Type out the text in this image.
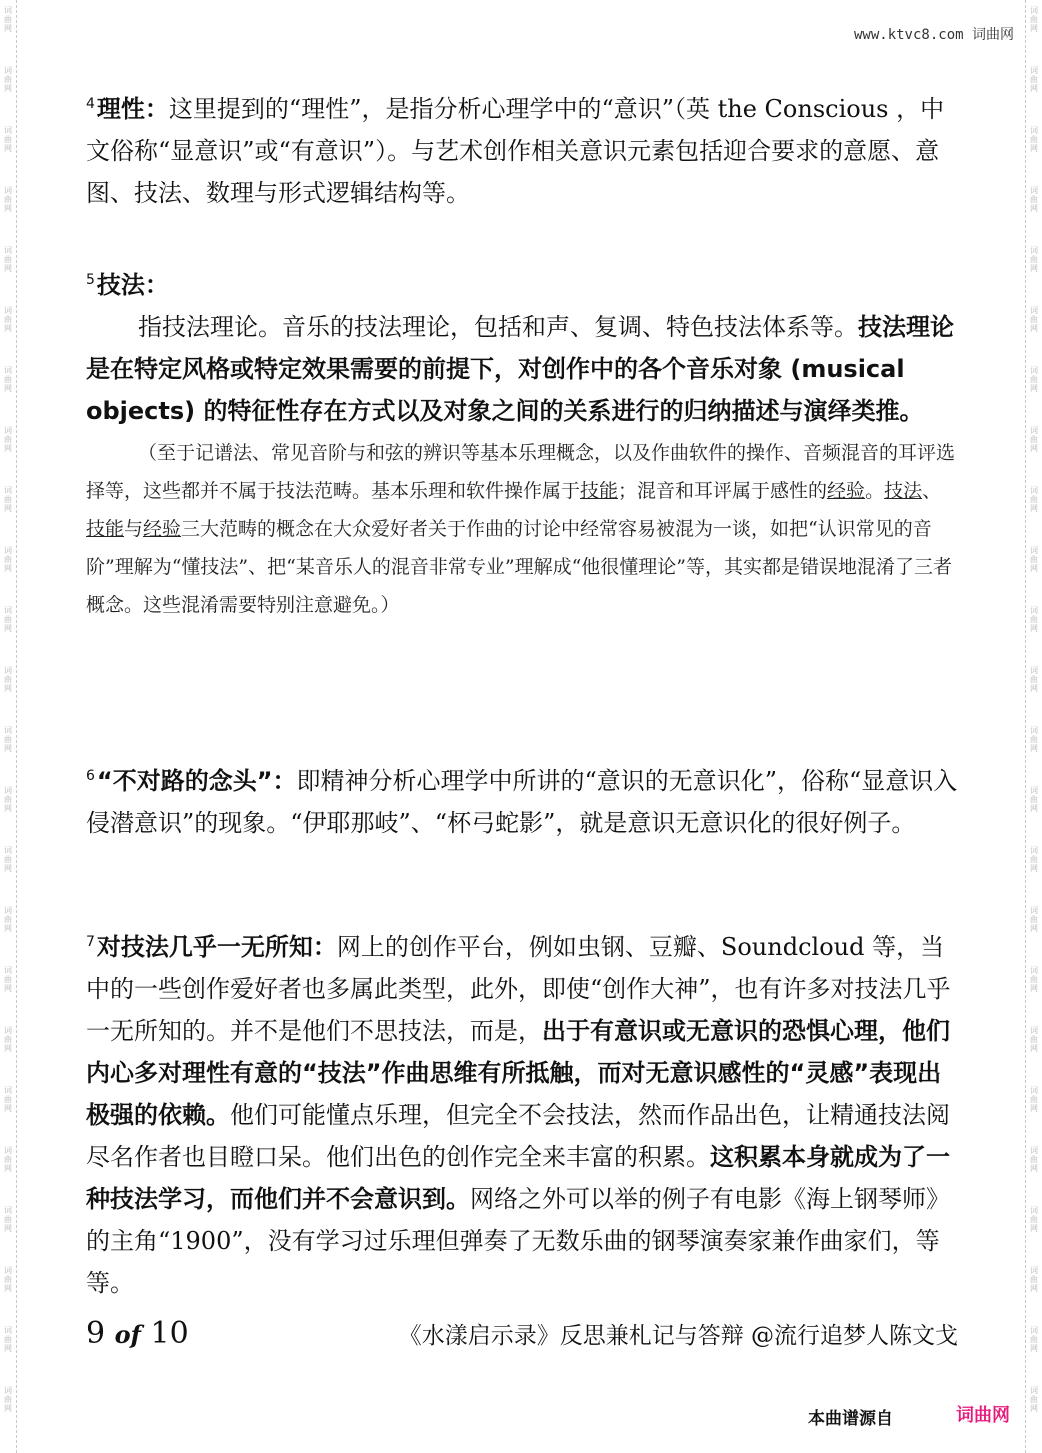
词
曲
网
词
曲
网
词
曲
网
词
曲
网
词
曲
网
词
曲
网
词
曲
网
词
曲
网
词
曲
网
词
曲
网
词
曲
网
词
曲
网
词
曲
网
词
曲
网
词
曲
网
词
曲
网
词
曲
网
词
曲
网
词
曲
网
词
曲
网
词
曲
网
词
曲
网
词
曲
网
词
曲
网
词
曲
网
词
曲
网
词
曲
网
词
曲
网
词
曲
网
词
曲
网
词
曲
网
词
曲
网
词
曲
网
词
曲
网
词
曲
网
词
曲
网
词
曲
网
词
曲
网
词
曲
网
词
曲
网
词
曲
网
词
曲
网
词
曲
网
词
曲
网
词
曲
网
词
曲
网
词
曲
网
词
曲
网
www.ktvc8.com 词曲网

$^4$理性：这里提到的“理性”，是指分析心理学中的“意识”（英 the Conscious ，中文俗称“显意识”或“有意识”）。与艺术创作相关意识元素包括迎合要求的意愿、意图、技法、数理与形式逻辑结构等。

$^5$技法：

指技法理论。音乐的技法理论，包括和声、复调、特色技法体系等。技法理论是在特定风格或特定效果需要的前提下，对创作中的各个音乐对象 (musical objects) 的特征性存在方式以及对象之间的关系进行的归纳描述与演绎类推。

（至于记谱法、常见音阶与和弦的辨识等基本乐理概念，以及作曲软件的操作、音频混音的耳评选择等，这些都并不属于技法范畴。基本乐理和软件操作属于技能；混音和耳评属于感性的经验。技法、技能与经验三大范畴的概念在大众爱好者关于作曲的讨论中经常容易被混为一谈，如把“认识常见的音阶”理解为“懂技法”、把“某音乐人的混音非常专业”理解成“他很懂理论”等，其实都是错误地混淆了三者概念。这些混淆需要特别注意避免。）

$^6$“不对路的念头”：即精神分析心理学中所讲的“意识的无意识化”，俗称“显意识入侵潜意识”的现象。“伊耶那岐”、“杯弓蛇影”，就是意识无意识化的很好例子。

$^7$对技法几乎一无所知：网上的创作平台，例如虫钢、豆瓣、Soundcloud 等，当中的一些创作爱好者也多属此类型，此外，即使“创作大神”，也有许多对技法几乎一无所知的。并不是他们不思技法，而是，出于有意识或无意识的恐惧心理，他们内心多对理性有意的“技法”作曲思维有所抵触，而对无意识感性的“灵感”表现出极强的依赖。他们可能懂点乐理，但完全不会技法，然而作品出色，让精通技法阅尽名作者也目瞪口呆。他们出色的创作完全来丰富的积累。这积累本身就成为了一种技法学习，而他们并不会意识到。网络之外可以举的例子有电影《海上钢琴师》的主角“1900”，没有学习过乐理但弹奏了无数乐曲的钢琴演奏家兼作曲家们，等等。

9 of 10	《水漾启示录》反思兼札记与答辩 @流行追梦人陈文戈
本曲谱源自	词曲网
